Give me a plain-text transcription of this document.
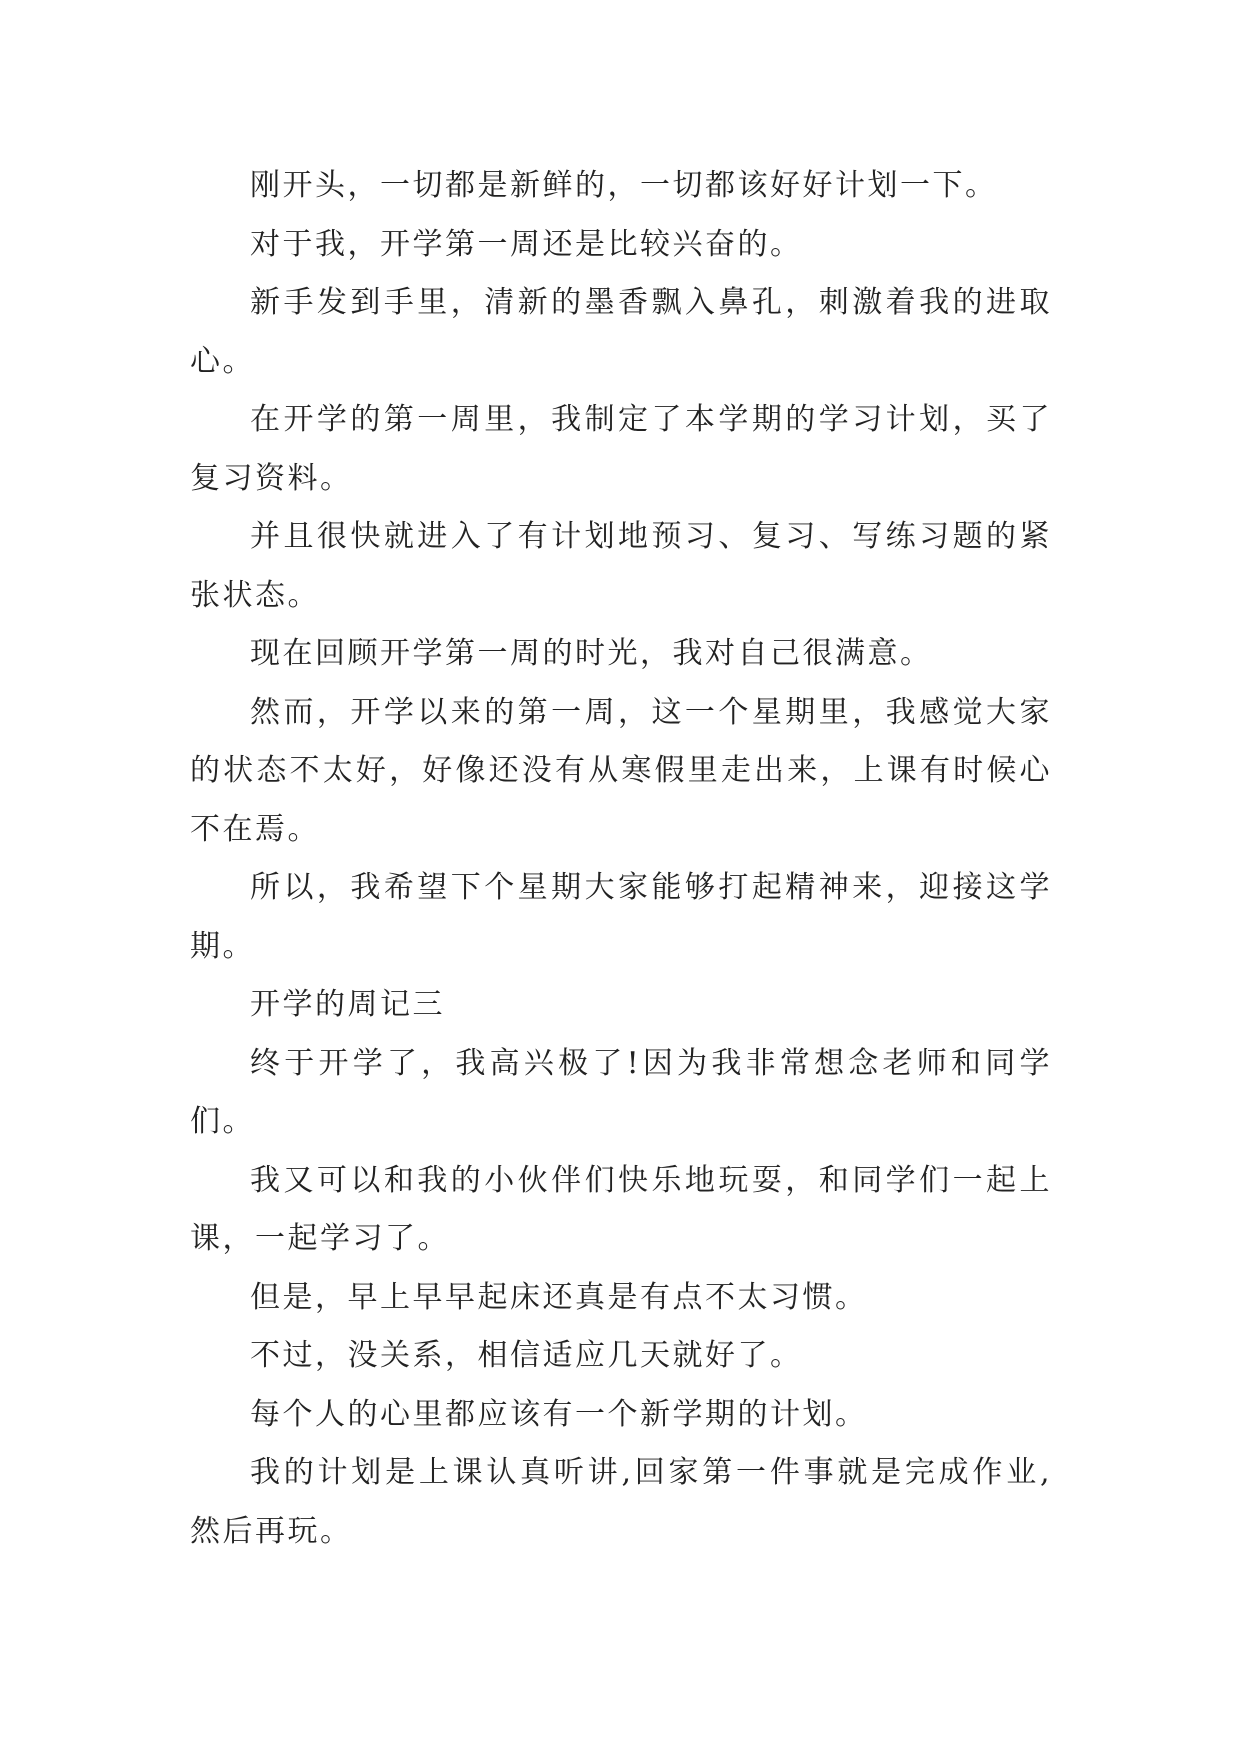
刚开头，一切都是新鲜的，一切都该好好计划一下。

对于我，开学第一周还是比较兴奋的。

新手发到手里，清新的墨香飘入鼻孔，刺激着我的进取心。

在开学的第一周里，我制定了本学期的学习计划，买了复习资料。

并且很快就进入了有计划地预习、复习、写练习题的紧张状态。

现在回顾开学第一周的时光，我对自己很满意。

然而，开学以来的第一周，这一个星期里，我感觉大家的状态不太好，好像还没有从寒假里走出来，上课有时候心不在焉。

所以，我希望下个星期大家能够打起精神来，迎接这学期。

开学的周记三

终于开学了，我高兴极了!因为我非常想念老师和同学们。

我又可以和我的小伙伴们快乐地玩耍，和同学们一起上课，一起学习了。

但是，早上早早起床还真是有点不太习惯。

不过，没关系，相信适应几天就好了。

每个人的心里都应该有一个新学期的计划。

我的计划是上课认真听讲,回家第一件事就是完成作业,然后再玩。
